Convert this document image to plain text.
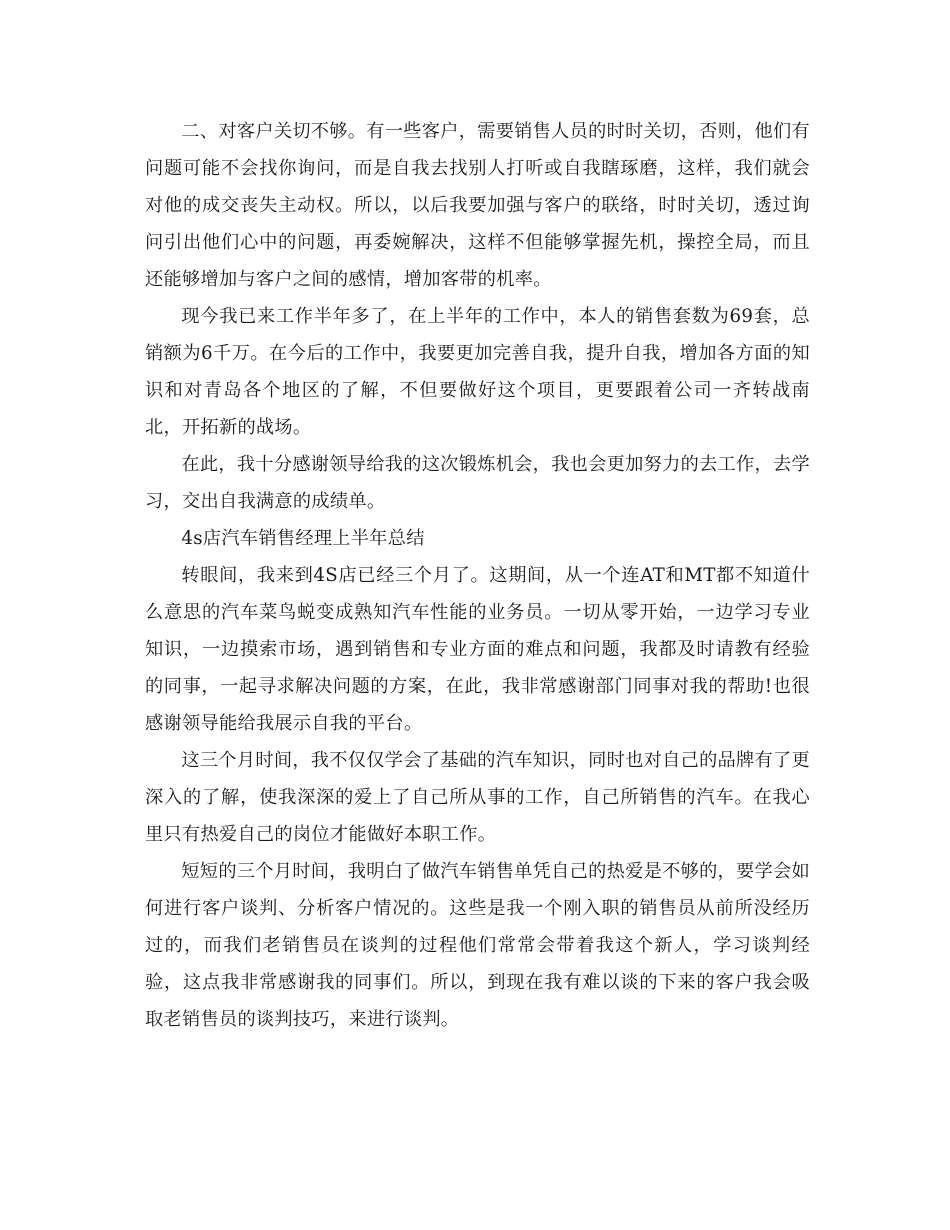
二、对客户关切不够。有一些客户，需要销售人员的时时关切，否则，他们有问题可能不会找你询问，而是自我去找别人打听或自我瞎琢磨，这样，我们就会对他的成交丧失主动权。所以，以后我要加强与客户的联络，时时关切，透过询问引出他们心中的问题，再委婉解决，这样不但能够掌握先机，操控全局，而且还能够增加与客户之间的感情，增加客带的机率。

现今我已来工作半年多了，在上半年的工作中，本人的销售套数为69套，总销额为6千万。在今后的工作中，我要更加完善自我，提升自我，增加各方面的知识和对青岛各个地区的了解，不但要做好这个项目，更要跟着公司一齐转战南北，开拓新的战场。

在此，我十分感谢领导给我的这次锻炼机会，我也会更加努力的去工作，去学习，交出自我满意的成绩单。

4s店汽车销售经理上半年总结

转眼间，我来到4S店已经三个月了。这期间，从一个连AT和MT都不知道什么意思的汽车菜鸟蜕变成熟知汽车性能的业务员。一切从零开始，一边学习专业知识，一边摸索市场，遇到销售和专业方面的难点和问题，我都及时请教有经验的同事，一起寻求解决问题的方案，在此，我非常感谢部门同事对我的帮助!也很感谢领导能给我展示自我的平台。

这三个月时间，我不仅仅学会了基础的汽车知识，同时也对自己的品牌有了更深入的了解，使我深深的爱上了自己所从事的工作，自己所销售的汽车。在我心里只有热爱自己的岗位才能做好本职工作。

短短的三个月时间，我明白了做汽车销售单凭自己的热爱是不够的，要学会如何进行客户谈判、分析客户情况的。这些是我一个刚入职的销售员从前所没经历过的，而我们老销售员在谈判的过程他们常常会带着我这个新人，学习谈判经验，这点我非常感谢我的同事们。所以，到现在我有难以谈的下来的客户我会吸取老销售员的谈判技巧，来进行谈判。
